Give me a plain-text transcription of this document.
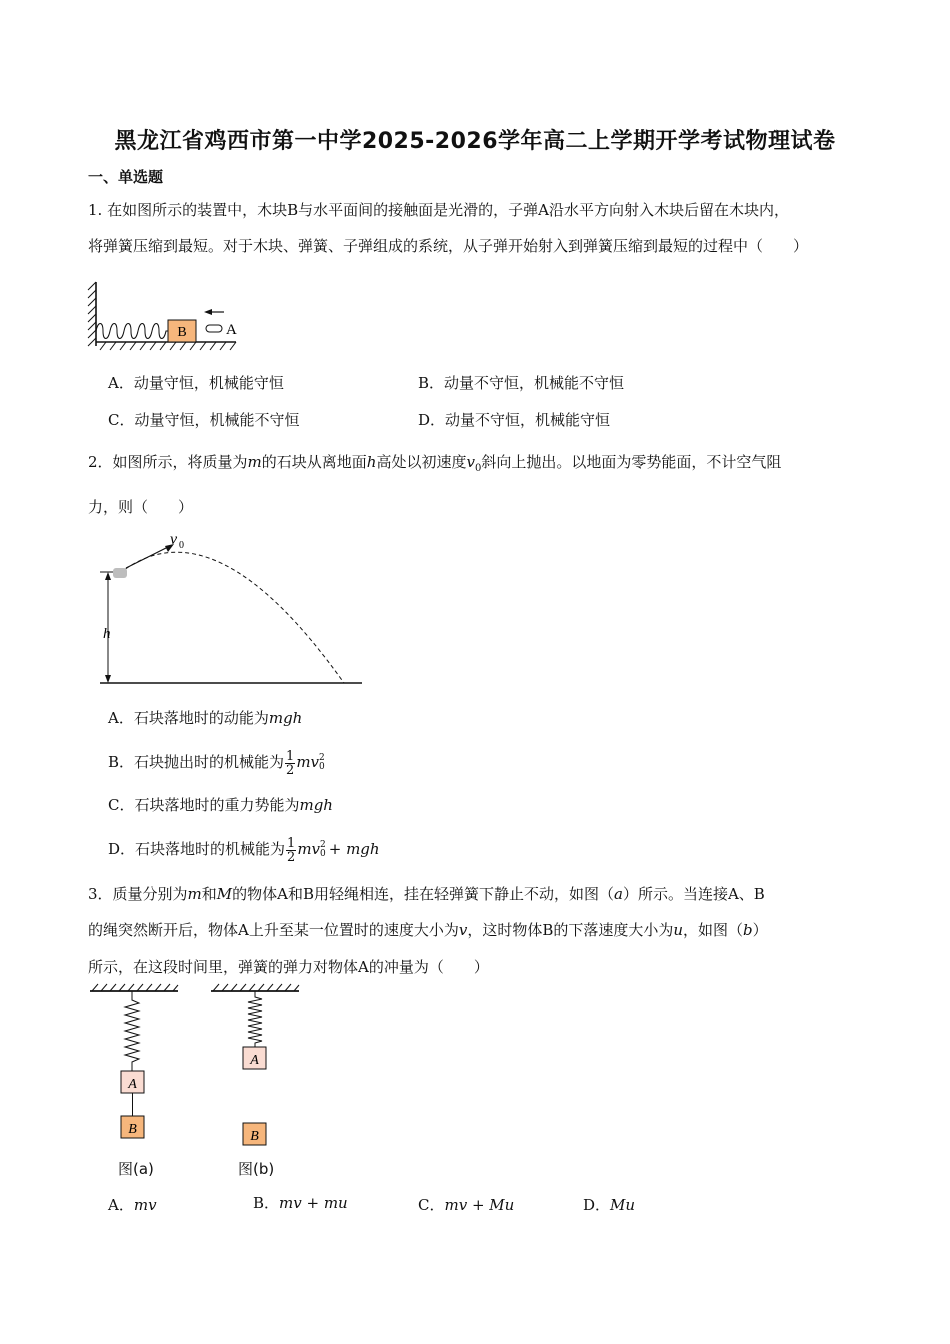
黑龙江省鸡西市第一中学2025-2026学年高二上学期开学考试物理试卷
一、单选题
1. 在如图所示的装置中，木块B与水平面间的接触面是光滑的，子弹A沿水平方向射入木块后留在木块内，
将弹簧压缩到最短。对于木块、弹簧、子弹组成的系统，从子弹开始射入到弹簧压缩到最短的过程中（　　）
B	A
A．动量守恒，机械能守恒	B．动量不守恒，机械能不守恒
C．动量守恒，机械能不守恒	D．动量不守恒，机械能守恒
2．如图所示，将质量为m的石块从离地面h高处以初速度$v_0$斜向上抛出。以地面为零势能面，不计空气阻
力，则（　　）
h
v 0
A．石块落地时的动能为mgh
B．石块抛出时的机械能为 $\frac{1}{2}$ mv 2
0
C．石块落地时的重力势能为mgh
D．石块落地时的机械能为 $\frac{1}{2}$ mv 2
0 + mgh
3．质量分别为m和M的物体A和B用轻绳相连，挂在轻弹簧下静止不动，如图（a）所示。当连接A、B
的绳突然断开后，物体A上升至某一位置时的速度大小为v，这时物体B的下落速度大小为u，如图（b）
所示，在这段时间里，弹簧的弹力对物体A的冲量为（　　）
A
B
图(a)
A
B
图(b)
A．mv	B．mv + mu	C．mv + Mu	D．Mu
